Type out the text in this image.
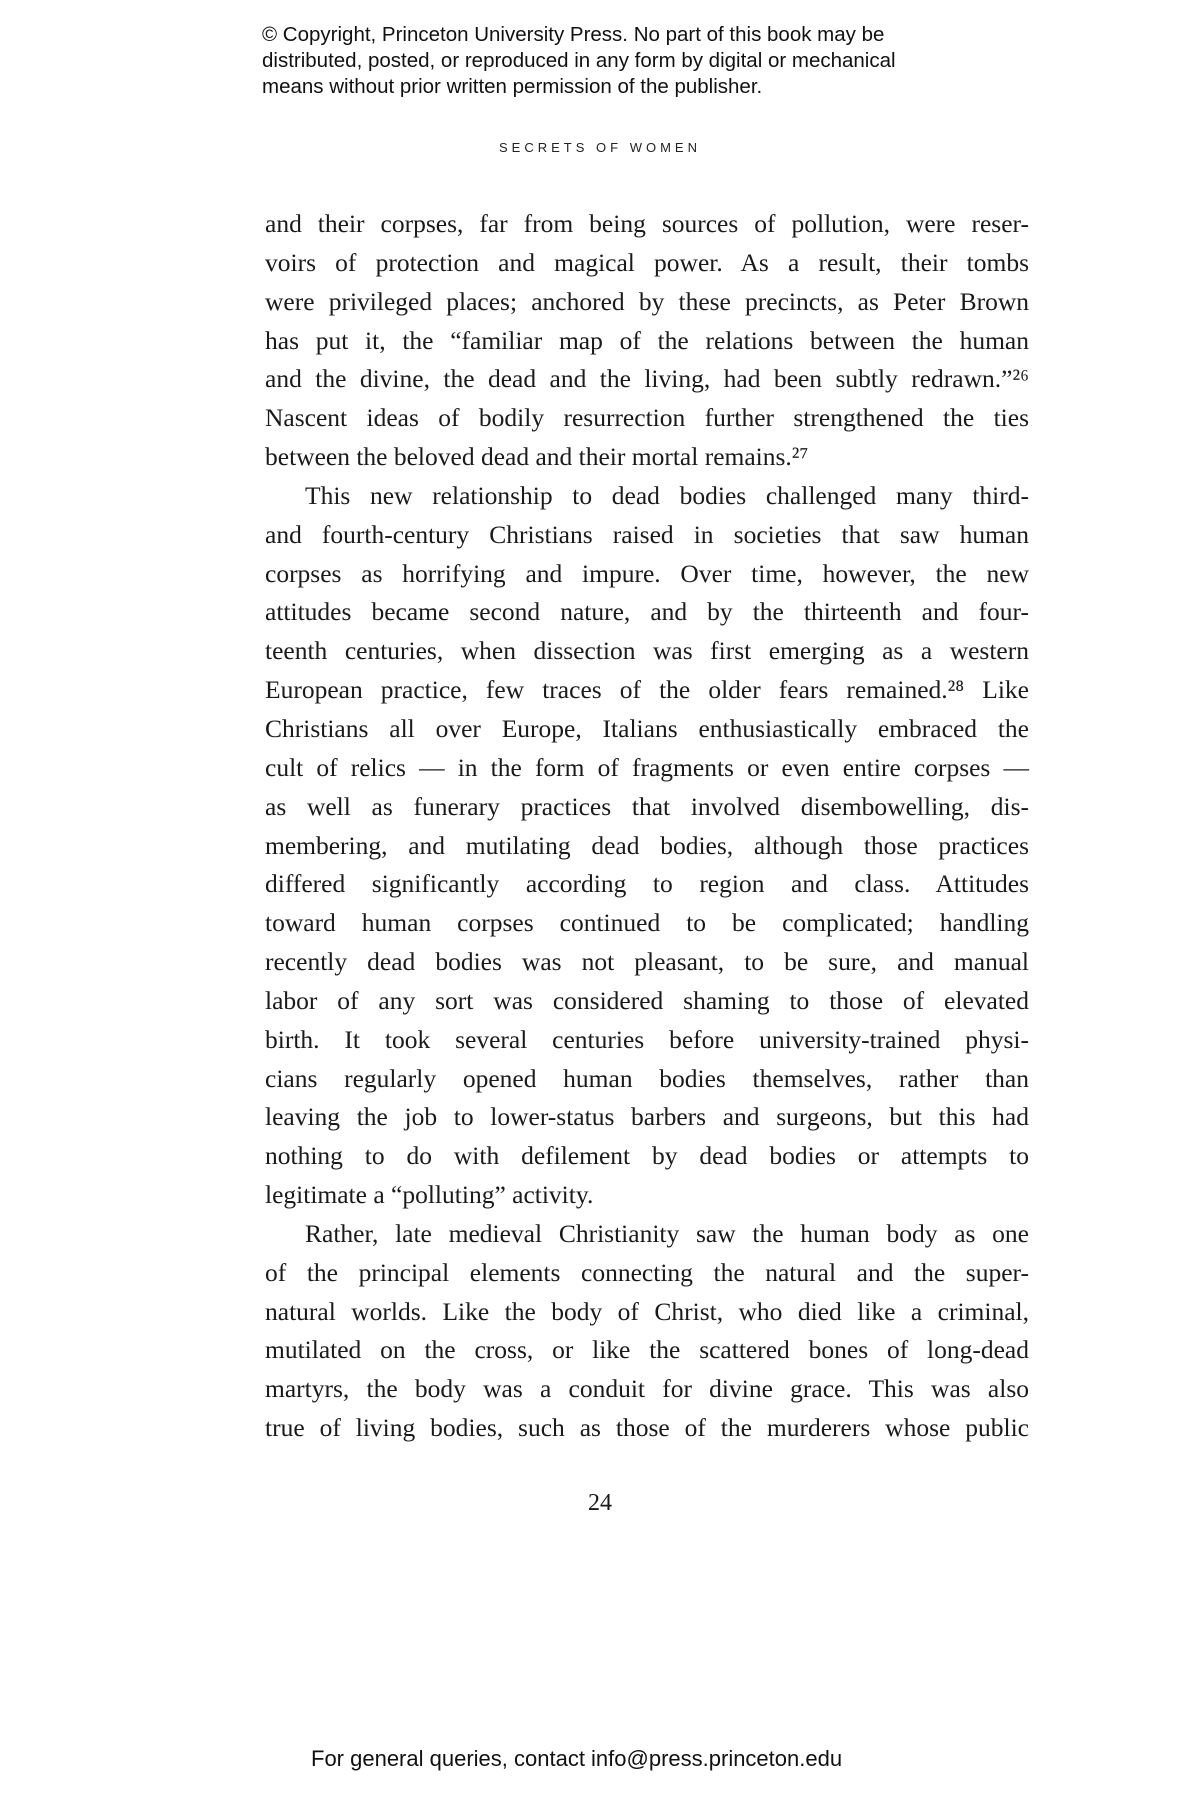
© Copyright, Princeton University Press. No part of this book may be
distributed, posted, or reproduced in any form by digital or mechanical
means without prior written permission of the publisher.
SECRETS OF WOMEN
and their corpses, far from being sources of pollution, were reser-
voirs of protection and magical power. As a result, their tombs
were privileged places; anchored by these precincts, as Peter Brown
has put it, the “familiar map of the relations between the human
and the divine, the dead and the living, had been subtly redrawn.”²⁶
Nascent ideas of bodily resurrection further strengthened the ties
between the beloved dead and their mortal remains.²⁷
This new relationship to dead bodies challenged many third-
and fourth-century Christians raised in societies that saw human
corpses as horrifying and impure. Over time, however, the new
attitudes became second nature, and by the thirteenth and four-
teenth centuries, when dissection was first emerging as a western
European practice, few traces of the older fears remained.²⁸ Like
Christians all over Europe, Italians enthusiastically embraced the
cult of relics — in the form of fragments or even entire corpses —
as well as funerary practices that involved disembowelling, dis-
membering, and mutilating dead bodies, although those practices
differed significantly according to region and class. Attitudes
toward human corpses continued to be complicated; handling
recently dead bodies was not pleasant, to be sure, and manual
labor of any sort was considered shaming to those of elevated
birth. It took several centuries before university-trained physi-
cians regularly opened human bodies themselves, rather than
leaving the job to lower-status barbers and surgeons, but this had
nothing to do with defilement by dead bodies or attempts to
legitimate a “polluting” activity.
Rather, late medieval Christianity saw the human body as one
of the principal elements connecting the natural and the super-
natural worlds. Like the body of Christ, who died like a criminal,
mutilated on the cross, or like the scattered bones of long-dead
martyrs, the body was a conduit for divine grace. This was also
true of living bodies, such as those of the murderers whose public
24
For general queries, contact info@press.princeton.edu
